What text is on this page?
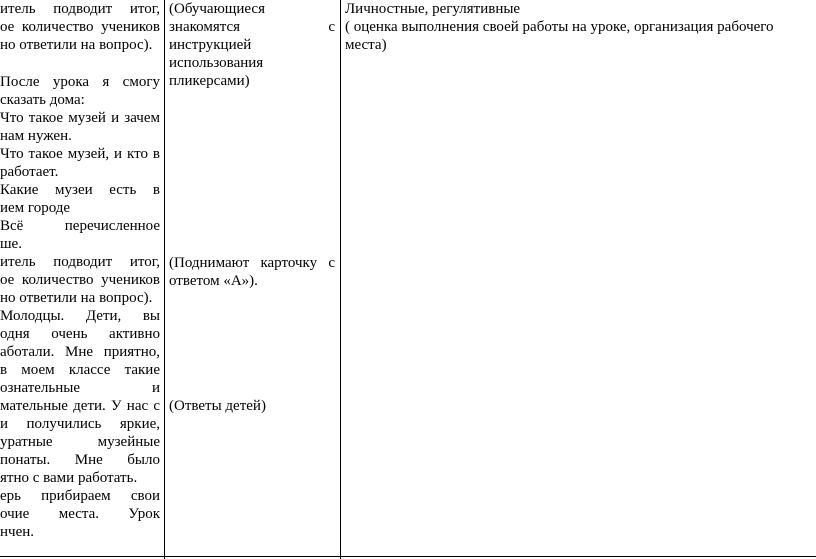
итель подводит итог,
ое количество учеников
но ответили на вопрос).
После урока я смогу
сказать дома:
Что такое музей и зачем
нам нужен.
Что такое музей, и кто в
работает.
Какие музеи есть в
ием городе
Всё перечисленное
ше.
итель подводит итог,
ое количество учеников
но ответили на вопрос).
Молодцы. Дети, вы
одня очень активно
аботали. Мне приятно,
в моем классе такие
ознательные и
мательные дети. У нас с
и получились яркие,
уратные музейные
понаты. Мне было
ятно с вами работать.
ерь прибираем свои
очие места. Урок
нчен.
(Обучающиеся
знакомятся с
инструкцией
использования
пликерсами)
(Поднимают карточку с
ответом «А»).
(Ответы детей)
Личностные, регулятивные
( оценка выполнения своей работы на уроке, организация рабочего
места)
